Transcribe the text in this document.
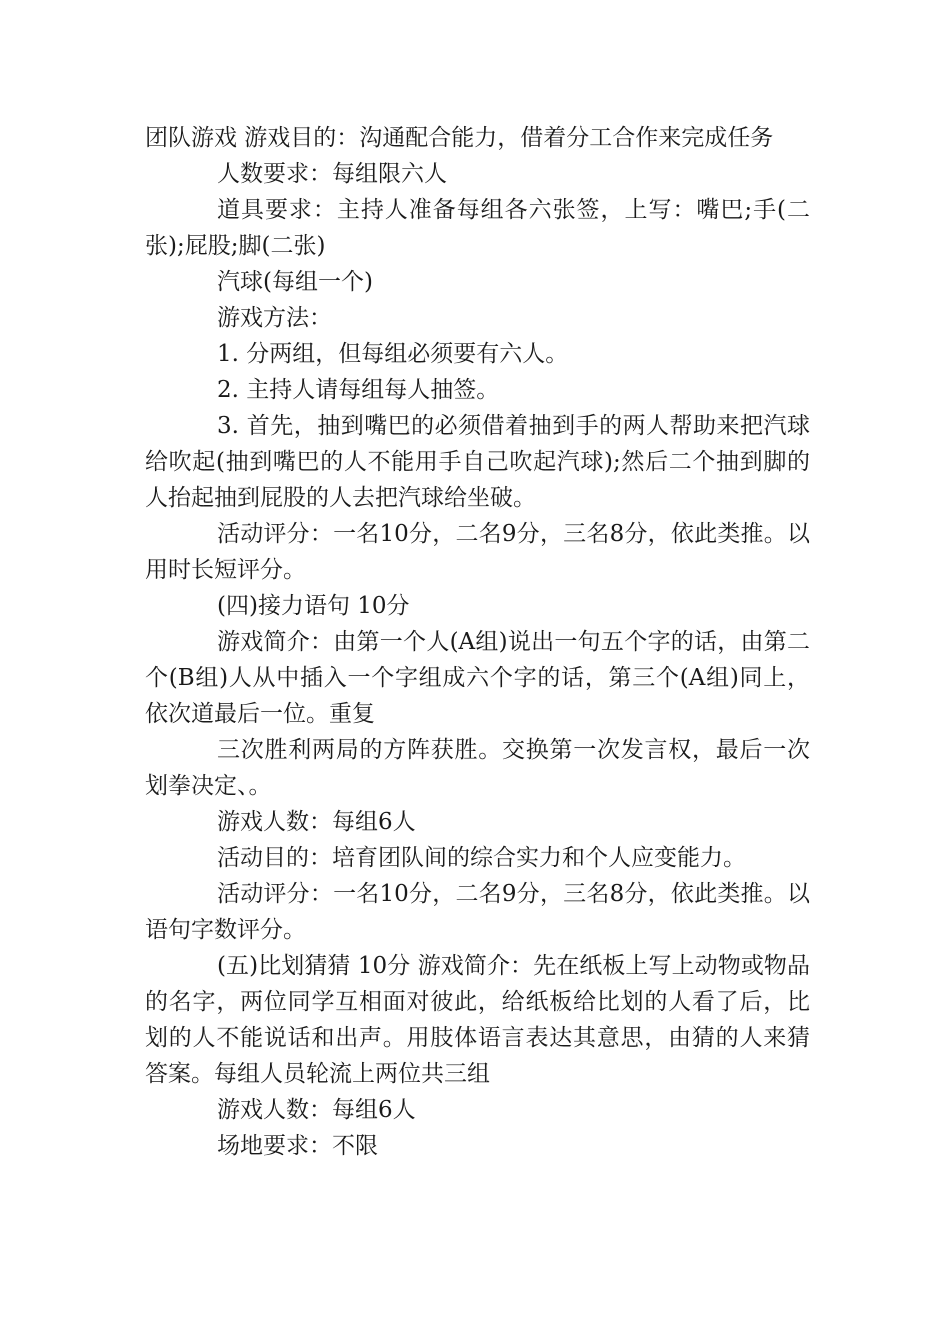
团队游戏 游戏目的：沟通配合能力，借着分工合作来完成任务

人数要求：每组限六人

道具要求：主持人准备每组各六张签，上写：嘴巴;手(二张);屁股;脚(二张)

汽球(每组一个)

游戏方法：

1. 分两组，但每组必须要有六人。

2. 主持人请每组每人抽签。

3. 首先，抽到嘴巴的必须借着抽到手的两人帮助来把汽球给吹起(抽到嘴巴的人不能用手自己吹起汽球);然后二个抽到脚的人抬起抽到屁股的人去把汽球给坐破。

活动评分：一名10分，二名9分，三名8分，依此类推。以用时长短评分。

(四)接力语句 10分

游戏简介：由第一个人(A组)说出一句五个字的话，由第二个(B组)人从中插入一个字组成六个字的话，第三个(A组)同上，依次道最后一位。重复

三次胜利两局的方阵获胜。交换第一次发言权，最后一次划拳决定、。

游戏人数：每组6人

活动目的：培育团队间的综合实力和个人应变能力。

活动评分：一名10分，二名9分，三名8分，依此类推。以语句字数评分。

(五)比划猜猜 10分 游戏简介：先在纸板上写上动物或物品的名字，两位同学互相面对彼此，给纸板给比划的人看了后，比划的人不能说话和出声。用肢体语言表达其意思，由猜的人来猜答案。每组人员轮流上两位共三组

游戏人数：每组6人

场地要求：不限
